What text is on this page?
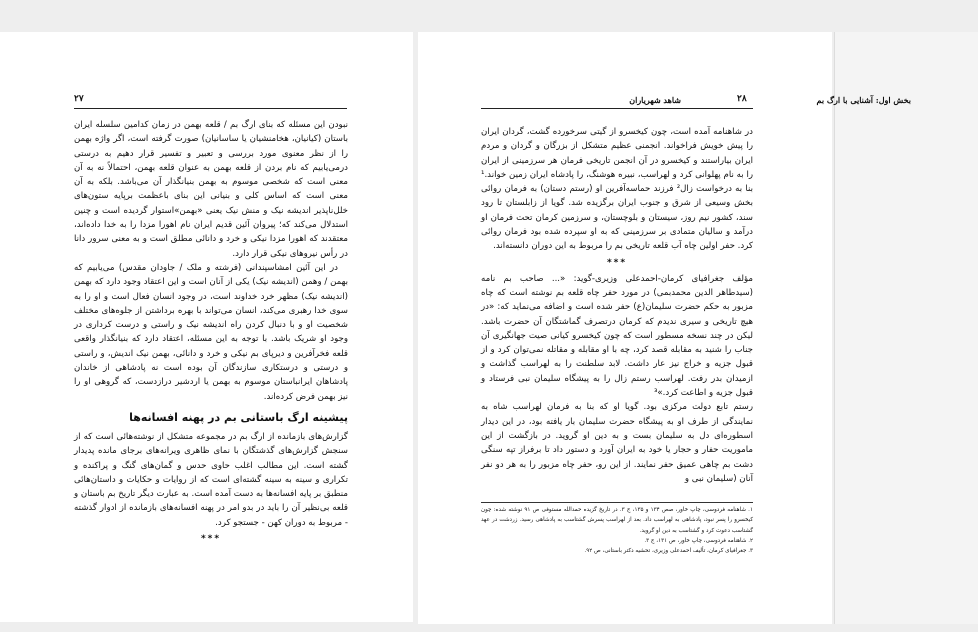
۲۷	بخش اول: آشنایی با ارگ بم

نبودن این مسئله که بنای ارگ بم / قلعه بهمن در زمان کدامین سلسله ایران باستان (کیانیان، هخامنشیان یا ساسانیان) صورت گرفته است، اگر واژه بهمن را از نظر معنوی مورد بررسی و تعبیر و تفسیر قرار دهیم به درستی درمی‌یابیم که نام بردن از قلعه بهمن به عنوان قلعه بهمن، احتمالاً نه به آن معنی است که شخصی موسوم به بهمن بنیانگذار آن می‌باشد. بلکه به آن معنی است که اساس کلی و بنیانی این بنای باعظمت برپایه ستون‌های خلل‌ناپذیر اندیشه نیک و منش نیک یعنی «بهمن»استوار گردیده است و چنین استدلال می‌کند که؛ پیروان آئین قدیم ایران نام اهورا مزدا را به خدا داده‌اند، معتقدند که اهورا مزدا نیکی و خرد و دانائی مطلق است و به معنی سرور دانا در رأس نیروهای نیکی قرار دارد.

در این آئین امشاسپندانی (فرشته و ملک / جاودان مقدس) می‌یابیم که بهمن / وهمن (اندیشه نیک) یکی از آنان است و این اعتقاد وجود دارد که بهمن (اندیشه نیک) مظهر خرد خداوند است، در وجود انسان فعال است و او را به سوی خدا رهبری می‌کند، انسان می‌تواند با بهره برداشتن از جلوه‌های مختلف شخصیت او و با دنبال کردن راه اندیشه نیک و راستی و درست کرداری در وجود او شریک باشد. با توجه به این مسئله، اعتقاد دارد که بنیانگذار واقعی قلعه فخرآفرین و دیرپای بم نیکی و خرد و دانائی، بهمن نیک اندیش، و راستی و درستی و درستکاری سازندگان آن بوده است نه پادشاهی از خاندان پادشاهان ایرانباستان موسوم به بهمن یا اردشیر درازدست، که گروهی او را نیز بهمن فرض کرده‌اند.

پیشینه ارگ باستانی بم در پهنه افسانه‌ها

گزارش‌های بازمانده از ارگ بم در مجموعه متشکل از نوشته‌هائی است که از سنجش گزارش‌های گذشتگان با نمای ظاهری ویرانه‌های برجای مانده پدیدار گشته است. این مطالب اغلب حاوی حدس و گمان‌های گنگ و پراکنده و تکراری و سینه به سینه گشته‌ای است که از روایات و حکایات و داستان‌هائی منطبق بر پایه افسانه‌ها به دست آمده است. به عبارت دیگر تاریخ بم باستان و قلعه بی‌نظیر آن را باید در بدو امر در پهنه افسانه‌های بازمانده از ادوار گذشته - مربوط به دوران کهن - جستجو کرد.

***
۲۸
شاهد شهریاران

در شاهنامه آمده است، چون کیخسرو از گیتی سرخورده گشت، گردان ایران را پیش خویش فراخواند. انجمنی عظیم متشکل از بزرگان و گردان و مردم ایران بیاراستند و کیخسرو در آن انجمن تاریخی فرمان هر سرزمینی از ایران را به نام پهلوانی کرد و لهراسب، نبیره هوشنگ، را پادشاه ایران زمین خواند.¹ بنا به درخواست زال² فرزند حماسه‌آفرین او (رستم دستان) به فرمان روائی بخش وسیعی از شرق و جنوب ایران برگزیده شد. گویا از زابلستان تا رود سند، کشور نیم روز، سیستان و بلوچستان، و سرزمین کرمان تحت فرمان او درآمد و سالیان متمادی بر سرزمینی که به او سپرده شده بود فرمان روائی کرد. حفر اولین چاه آب قلعه تاریخی بم را مربوط به این دوران دانسته‌اند.

***

مؤلف جغرافیای کرمان-احمدعلی وزیری-گوید: «... صاحب بم نامه (سیدطاهر الدین محمدبمی) در مورد حفر چاه قلعه بم نوشته است که چاه مزبور به حکم حضرت سلیمان(ع) حفر شده است و اضافه می‌نماید که: «در هیچ تاریخی و سیری ندیدم که کرمان درتصرف گماشتگان آن حضرت باشد. لیکن در چند نسخه مسطور است که چون کیخسرو کیانی صیت جهانگیری آن جناب را شنید به مقابله قصد کرد، چه با او مقابله و مقاتله نمی‌توان کرد و از قبول جزیه و خراج نیز عار داشت. لابد سلطنت را به لهراسب گذاشت و ازمیدان بدر رفت. لهراسب رستم زال را به پیشگاه سلیمان نبی فرستاد و قبول جزیه و اطاعت کرد.»³

رستم تابع دولت مرکزی بود. گویا او که بنا به فرمان لهراسب شاه به نمایندگی از طرف او به پیشگاه حضرت سلیمان بار یافته بود، در این دیدار اسطوره‌ای دل به سلیمان بست و به دین او گروید. در بازگشت از این ماموریت حفار و حجار یا خود به ایران آورد و دستور داد تا برفراز تپه سنگی دشت بم چاهی عمیق حفر نمایند. از این رو، حفر چاه مزبور را به هر دو نفر آنان (سلیمان نبی و

۱. شاهنامه فردوسی، چاپ خاور، صص ۱۳۴ و ۱۳۵، ج ۳. در تاریخ گزیده حمدالله مستوفی ص ۹۱ نوشته شده: چون کیخسرو را پسر نبود، پادشاهی به لهراسب داد. بعد از لهراسب پسرش گشتاسب به پادشاهی رسید. زردشت در عهد گشتاسب دعوت کرد و گشتاسب به دین او گروید.

۲. شاهنامه فردوسی، چاپ خاور، ص ۱۳۱، ج ۳.

۳. جغرافیای کرمان، تألیف احمدعلی وزیری، تحشیه دکتر باستانی، ص ۹۲.
